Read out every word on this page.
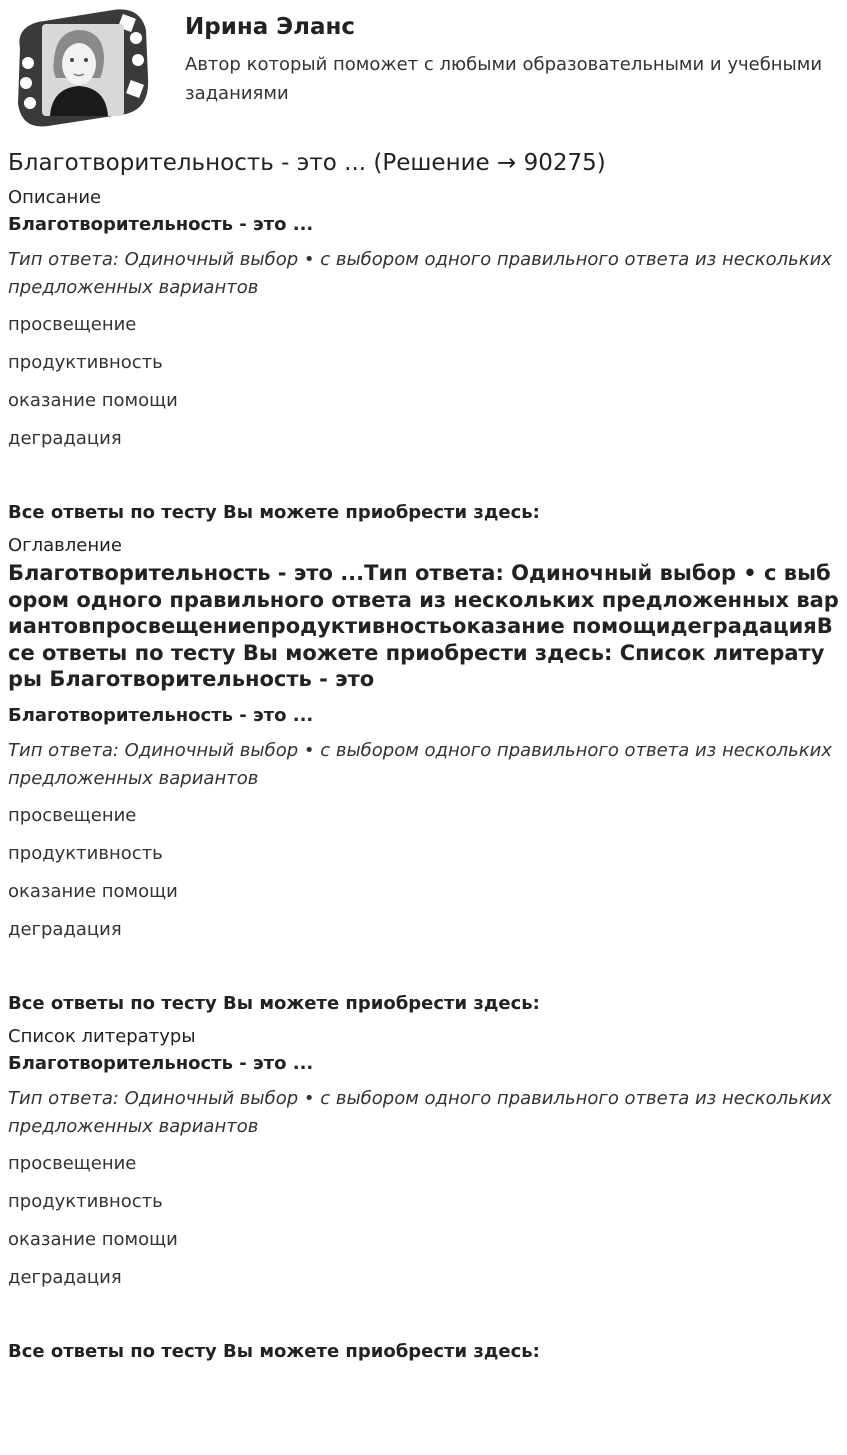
Ирина Эланс

Автор который поможет с любыми образовательными и учебными заданиями

Благотворительность - это ... (Решение → 90275)

Описание

Благотворительность - это ...

Тип ответа: Одиночный выбор • с выбором одного правильного ответа из нескольких предложенных вариантов

просвещение

продуктивность

оказание помощи

деградация

Все ответы по тесту Вы можете приобрести здесь:

Оглавление

Благотворительность - это ...Тип ответа: Одиночный выбор • с выбором одного правильного ответа из нескольких предложенных вариантовпросвещениепродуктивностьоказание помощидеградацияВсе ответы по тесту Вы можете приобрести здесь: Список литературы Благотворительность - это

Благотворительность - это ...

Тип ответа: Одиночный выбор • с выбором одного правильного ответа из нескольких предложенных вариантов

просвещение

продуктивность

оказание помощи

деградация

Все ответы по тесту Вы можете приобрести здесь:

Список литературы

Благотворительность - это ...

Тип ответа: Одиночный выбор • с выбором одного правильного ответа из нескольких предложенных вариантов

просвещение

продуктивность

оказание помощи

деградация

Все ответы по тесту Вы можете приобрести здесь:
